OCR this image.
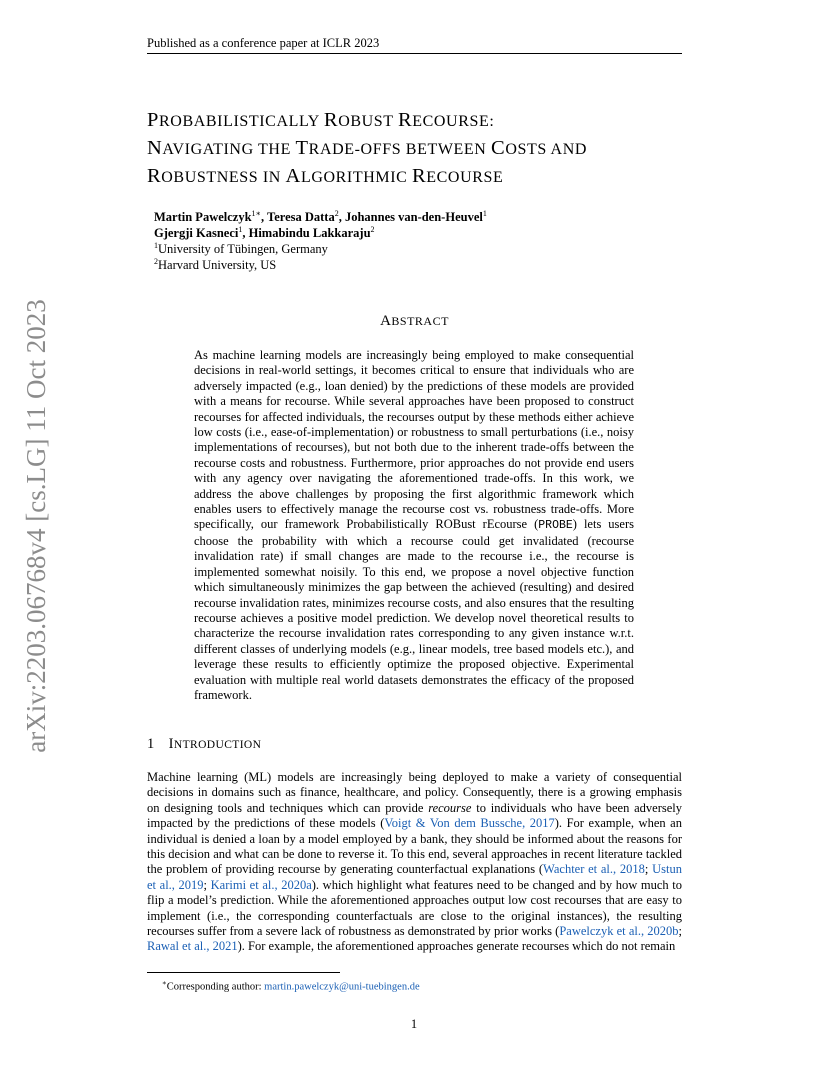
Published as a conference paper at ICLR 2023
PROBABILISTICALLY ROBUST RECOURSE:
NAVIGATING THE TRADE-OFFS BETWEEN COSTS AND
ROBUSTNESS IN ALGORITHMIC RECOURSE
Martin Pawelczyk$^{1∗}$, Teresa Datta$^2$, Johannes van-den-Heuvel$^1$
Gjergji Kasneci$^1$, Himabindu Lakkaraju$^2$
$^1$University of Tübingen, Germany
$^2$Harvard University, US
ABSTRACT
As machine learning models are increasingly being employed to make consequential decisions in real-world settings, it becomes critical to ensure that individuals who are adversely impacted (e.g., loan denied) by the predictions of these models are provided with a means for recourse. While several approaches have been proposed to construct recourses for affected individuals, the recourses output by these methods either achieve low costs (i.e., ease-of-implementation) or robustness to small perturbations (i.e., noisy implementations of recourses), but not both due to the inherent trade-offs between the recourse costs and robustness. Furthermore, prior approaches do not provide end users with any agency over navigating the aforementioned trade-offs. In this work, we address the above challenges by proposing the first algorithmic framework which enables users to effectively manage the recourse cost vs. robustness trade-offs. More specifically, our framework Probabilistically ROBust rEcourse (PROBE) lets users choose the probability with which a recourse could get invalidated (recourse invalidation rate) if small changes are made to the recourse i.e., the recourse is implemented somewhat noisily. To this end, we propose a novel objective function which simultaneously minimizes the gap between the achieved (resulting) and desired recourse invalidation rates, minimizes recourse costs, and also ensures that the resulting recourse achieves a positive model prediction. We develop novel theoretical results to characterize the recourse invalidation rates corresponding to any given instance w.r.t. different classes of underlying models (e.g., linear models, tree based models etc.), and leverage these results to efficiently optimize the proposed objective. Experimental evaluation with multiple real world datasets demonstrates the efficacy of the proposed framework.
1 INTRODUCTION
Machine learning (ML) models are increasingly being deployed to make a variety of consequential decisions in domains such as finance, healthcare, and policy. Consequently, there is a growing emphasis on designing tools and techniques which can provide recourse to individuals who have been adversely impacted by the predictions of these models (Voigt & Von dem Bussche, 2017). For example, when an individual is denied a loan by a model employed by a bank, they should be informed about the reasons for this decision and what can be done to reverse it. To this end, several approaches in recent literature tackled the problem of providing recourse by generating counterfactual explanations (Wachter et al., 2018; Ustun et al., 2019; Karimi et al., 2020a). which highlight what features need to be changed and by how much to flip a model’s prediction. While the aforementioned approaches output low cost recourses that are easy to implement (i.e., the corresponding counterfactuals are close to the original instances), the resulting recourses suffer from a severe lack of robustness as demonstrated by prior works (Pawelczyk et al., 2020b; Rawal et al., 2021). For example, the aforementioned approaches generate recourses which do not remain
∗Corresponding author: martin.pawelczyk@uni-tuebingen.de
1
arXiv:2203.06768v4 [cs.LG] 11 Oct 2023
